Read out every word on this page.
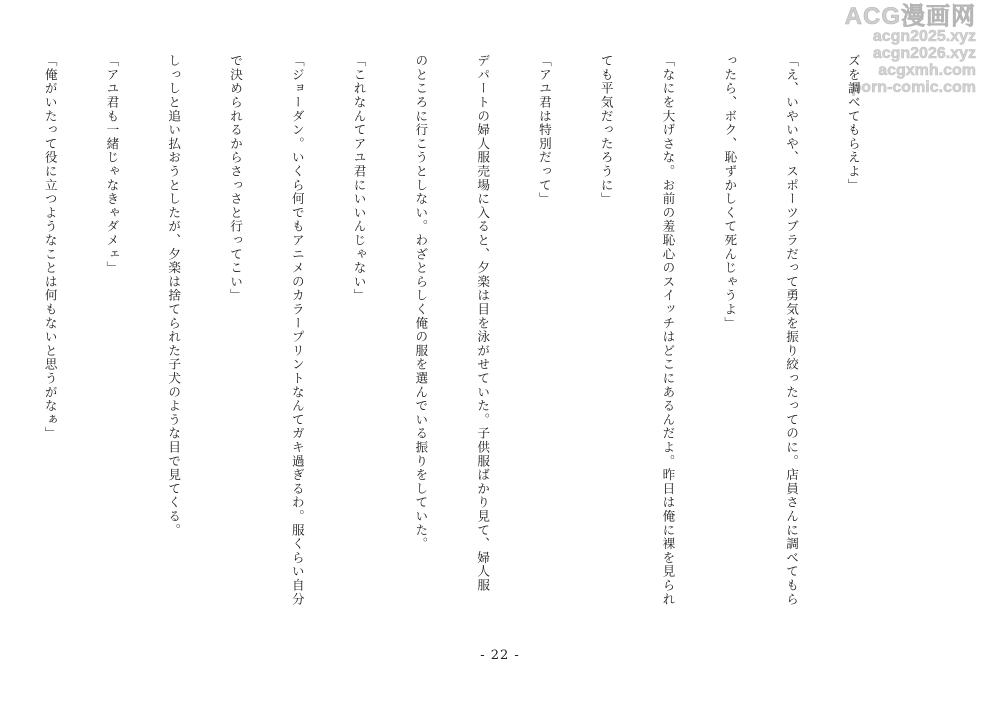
ACG漫画网
acgn2025.xyz
acgn2026.xyz
acgxmh.com
porn-comic.com

ズを調べてもらえよ」

「え、いやいや、スポーツブラだって勇気を振り絞ったってのに。店員さんに調べてもら

ったら、ボク、恥ずかしくて死んじゃうよ」

「なにを大げさな。お前の羞恥心のスイッチはどこにあるんだよ。昨日は俺に裸を見られ

ても平気だったろうに」

「アユ君は特別だって」

デパートの婦人服売場に入ると、夕楽は目を泳がせていた。子供服ばかり見て、婦人服

のところに行こうとしない。わざとらしく俺の服を選んでいる振りをしていた。

「これなんてアユ君にいいんじゃない」

「ジョーダン。いくら何でもアニメのカラープリントなんてガキ過ぎるわ。服くらい自分

で決められるからさっさと行ってこい」

しっしと追い払おうとしたが、夕楽は捨てられた子犬のような目で見てくる。

「アユ君も一緒じゃなきゃダメェ」

「俺がいたって役に立つようなことは何もないと思うがなぁ」

- 22 -
